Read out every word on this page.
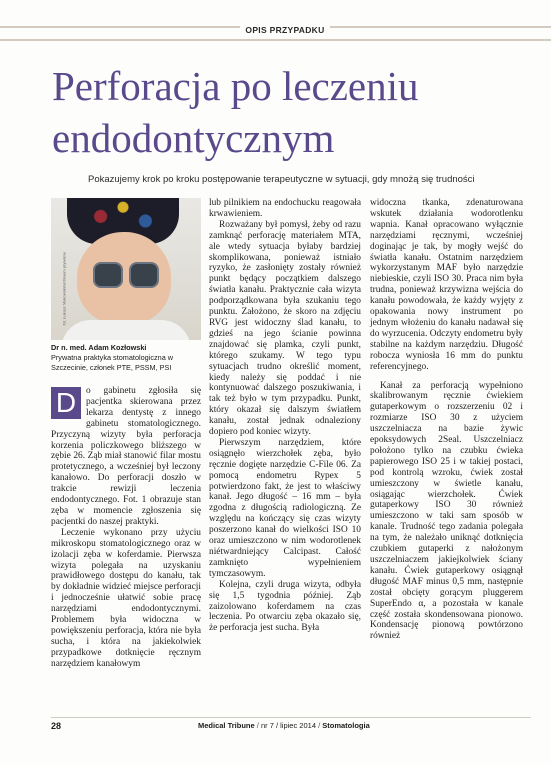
OPIS PRZYPADKU
Perforacja po leczeniu endodontycznym
Pokazujemy krok po kroku postępowanie terapeutyczne w sytuacji, gdy mnożą się trudności
fot. Łukasz Makowski/archiwum prywatne
Dr n. med. Adam Kozłowski
Prywatna praktyka stomatologiczna w Szczecinie, członek PTE, PSSM, PSI

D	o gabinetu zgłosiła się pacjentka skierowana przez lekarza dentystę z innego gabinetu stomatologicznego. Przyczyną wizyty była perforacja korzenia policzkowego bliższego w zębie 26. Ząb miał stanowić filar mostu protetycznego, a wcześniej był leczony kanałowo. Do perforacji doszło w trakcie rewizji leczenia endodontycznego. Fot. 1 obrazuje stan zęba w momencie zgłoszenia się pacjentki do naszej praktyki.

Leczenie wykonano przy użyciu mikroskopu stomatologicznego oraz w izolacji zęba w koferdamie. Pierwsza wizyta polegała na uzyskaniu prawidłowego dostępu do kanału, tak by dokładnie widzieć miejsce perforacji i jednocześnie ułatwić sobie pracę narzędziami endodontycznymi. Problemem była widoczna w powiększeniu perforacja, która nie była sucha, i która na jakiekolwiek przypadkowe dotknięcie ręcznym narzędziem kanałowym

lub pilnikiem na endochucku reagowała krwawieniem.

Rozważany był pomysł, żeby od razu zamknąć perforację materiałem MTA, ale wtedy sytuacja byłaby bardziej skomplikowana, ponieważ istniało ryzyko, że zasłonięty zostały również punkt będący początkiem dalszego światła kanału. Praktycznie cała wizyta podporządkowana była szukaniu tego punktu. Założono, że skoro na zdjęciu RVG jest widoczny ślad kanału, to gdzieś na jego ścianie powinna znajdować się plamka, czyli punkt, którego szukamy. W tego typu sytuacjach trudno określić moment, kiedy należy się poddać i nie kontynuować dalszego poszukiwania, i tak też było w tym przypadku. Punkt, który okazał się dalszym światłem kanału, został jednak odnaleziony dopiero pod koniec wizyty.

Pierwszym narzędziem, które osiągnęło wierzchołek zęba, było ręcznie dogięte narzędzie C-File 06. Za pomocą endometru Rypex 5 potwierdzono fakt, że jest to właściwy kanał. Jego długość – 16 mm – była zgodna z długością radiologiczną. Ze względu na kończący się czas wizyty poszerzono kanał do wielkości ISO 10 oraz umieszczono w nim wodorotlenek niétwardniejący Calcipast. Całość zamknięto wypełnieniem tymczasowym.

Kolejna, czyli druga wizyta, odbyła się 1,5 tygodnia później. Ząb zaizolowano koferdamem na czas leczenia. Po otwarciu zęba okazało się, że perforacja jest sucha. Była

widoczna tkanka, zdenaturowana wskutek działania wodorotlenku wapnia. Kanał opracowano wyłącznie narzędziami ręcznymi, wcześniej doginając je tak, by mogły wejść do światła kanału. Ostatnim narzędziem wykorzystanym MAF było narzędzie niebieskie, czyli ISO 30. Praca nim była trudna, ponieważ krzywizna wejścia do kanału powodowała, że każdy wyjęty z opakowania nowy instrument po jednym włożeniu do kanału nadawał się do wyrzucenia. Odczyty endometru były stabilne na każdym narzędziu. Długość robocza wyniosła 16 mm do punktu referencyjnego.

Kanał za perforacją wypełniono skalibrowanym ręcznie ćwiekiem gutaperkowym o rozszerzeniu 02 i rozmiarze ISO 30 z użyciem uszczelniacza na bazie żywic epoksydowych 2Seal. Uszczelniacz położono tylko na czubku ćwieka papierowego ISO 25 i w takiej postaci, pod kontrolą wzroku, ćwiek został umieszczony w świetle kanału, osiągając wierzchołek. Ćwiek gutaperkowy ISO 30 również umieszczono w taki sam sposób w kanale. Trudność tego zadania polegała na tym, że należało uniknąć dotknięcia czubkiem gutaperki z nałożonym uszczelniaczem jakiejkolwiek ściany kanału. Ćwiek gutaperkowy osiągnął długość MAF minus 0,5 mm, następnie został obcięty gorącym pluggerem SuperEndo α, a pozostała w kanale część została skondensowana pionowo. Kondensację pionową powtórzono również

28	Medical Tribune / nr 7 / lipiec 2014 / Stomatologia
